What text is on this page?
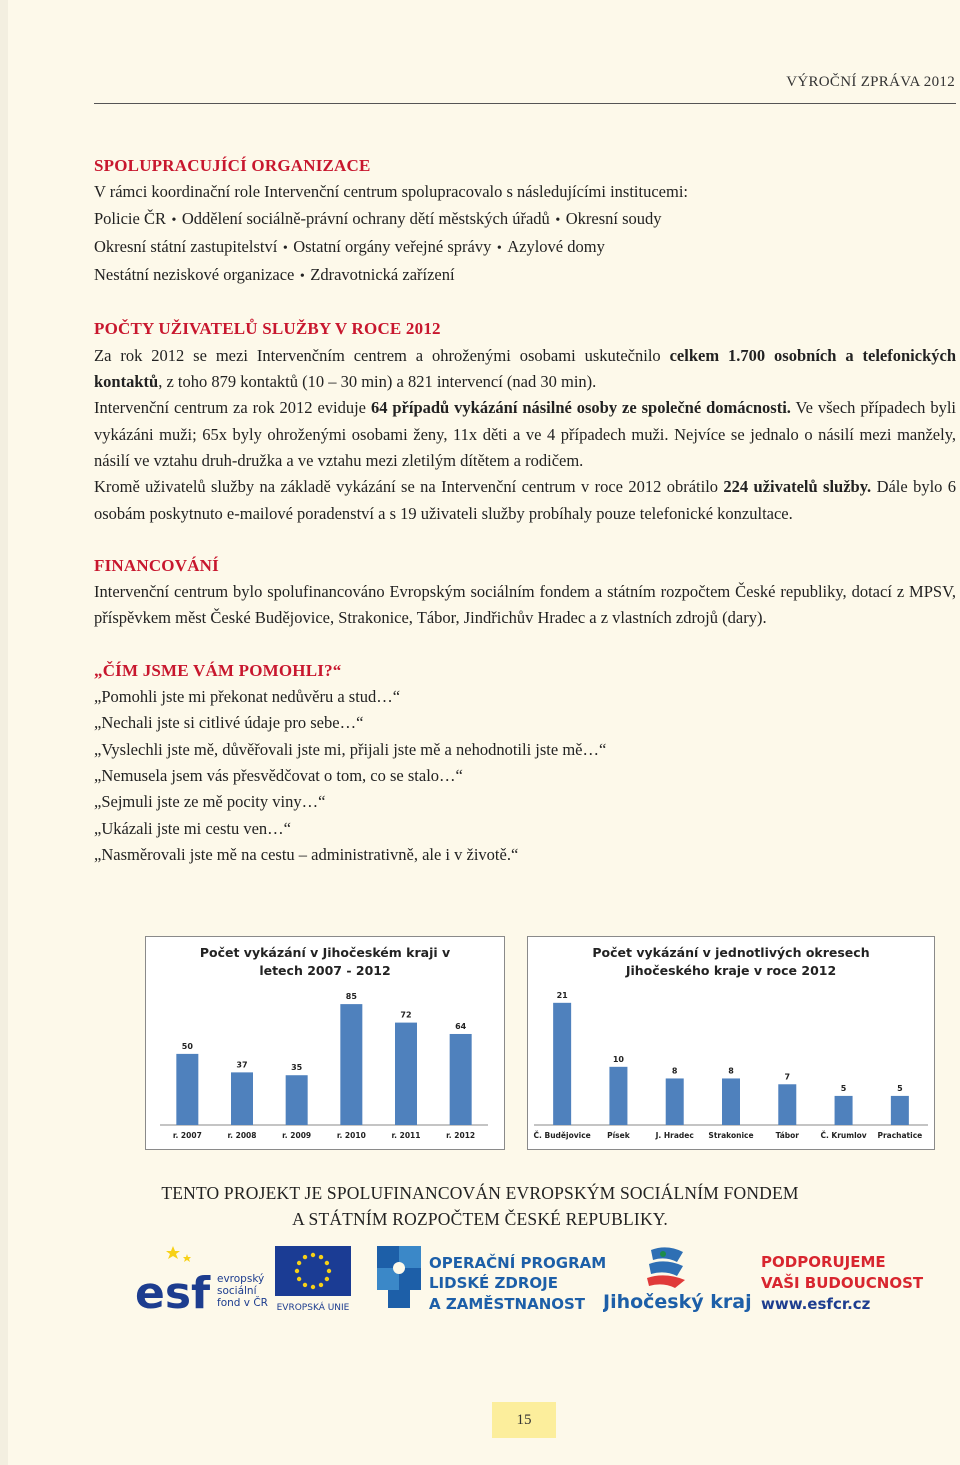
VÝROČNÍ ZPRÁVA 2012
SPOLUPRACUJÍCÍ ORGANIZACE

V rámci koordinační role Intervenční centrum spolupracovalo s následujícími institucemi:

Policie ČR • Oddělení sociálně-právní ochrany dětí městských úřadů • Okresní soudy

Okresní státní zastupitelství • Ostatní orgány veřejné správy • Azylové domy

Nestátní neziskové organizace • Zdravotnická zařízení

POČTY UŽIVATELŮ SLUŽBY V ROCE 2012

Za rok 2012 se mezi Intervenčním centrem a ohroženými osobami uskutečnilo celkem 1.700 osobních a telefonických kontaktů, z toho 879 kontaktů (10 – 30 min) a 821 intervencí (nad 30 min).

Intervenční centrum za rok 2012 eviduje 64 případů vykázání násilné osoby ze společné domácnosti. Ve všech případech byli vykázáni muži; 65x byly ohroženými osobami ženy, 11x děti a ve 4 případech muži. Nejvíce se jednalo o násilí mezi manžely, násilí ve vztahu druh-družka a ve vztahu mezi zletilým dítětem a rodičem.

Kromě uživatelů služby na základě vykázání se na Intervenční centrum v roce 2012 obrátilo 224 uživatelů služby. Dále bylo 6 osobám poskytnuto e-mailové poradenství a s 19 uživateli služby probíhaly pouze telefonické konzultace.

FINANCOVÁNÍ

Intervenční centrum bylo spolufinancováno Evropským sociálním fondem a státním rozpočtem České republiky, dotací z MPSV, příspěvkem měst České Budějovice, Strakonice, Tábor, Jindřichův Hradec a z vlastních zdrojů (dary).

„ČÍM JSME VÁM POMOHLI?“

„Pomohli jste mi překonat nedůvěru a stud…“

„Nechali jste si citlivé údaje pro sebe…“

„Vyslechli jste mě, důvěřovali jste mi, přijali jste mě a nehodnotili jste mě…“

„Nemusela jsem vás přesvědčovat o tom, co se stalo…“

„Sejmuli jste ze mě pocity viny…“

„Ukázali jste mi cestu ven…“

„Nasměrovali jste mě na cestu – administrativně, ale i v životě.“

Počet vykázání v Jihočeském kraji v
letech 2007 - 2012
50
r. 2007
37
r. 2008
35
r. 2009
85
r. 2010
72
r. 2011
64
r. 2012
Počet vykázání v jednotlivých okresech
Jihočeského kraje v roce 2012
21
Č. Budějovice
10
Písek
8
J. Hradec
8
Strakonice
7
Tábor
5
Č. Krumlov
5
Prachatice
TENTO PROJEKT JE SPOLUFINANCOVÁN EVROPSKÝM SOCIÁLNÍM FONDEM
A STÁTNÍM ROZPOČTEM ČESKÉ REPUBLIKY.
esf evropský
sociální
fond v ČR EVROPSKÁ UNIE
OPERAČNÍ PROGRAM
LIDSKÉ ZDROJE
A ZAMĚSTNANOST Jihočeský kraj
PODPORUJEME
VAŠI BUDOUCNOST
www.esfcr.cz
15
